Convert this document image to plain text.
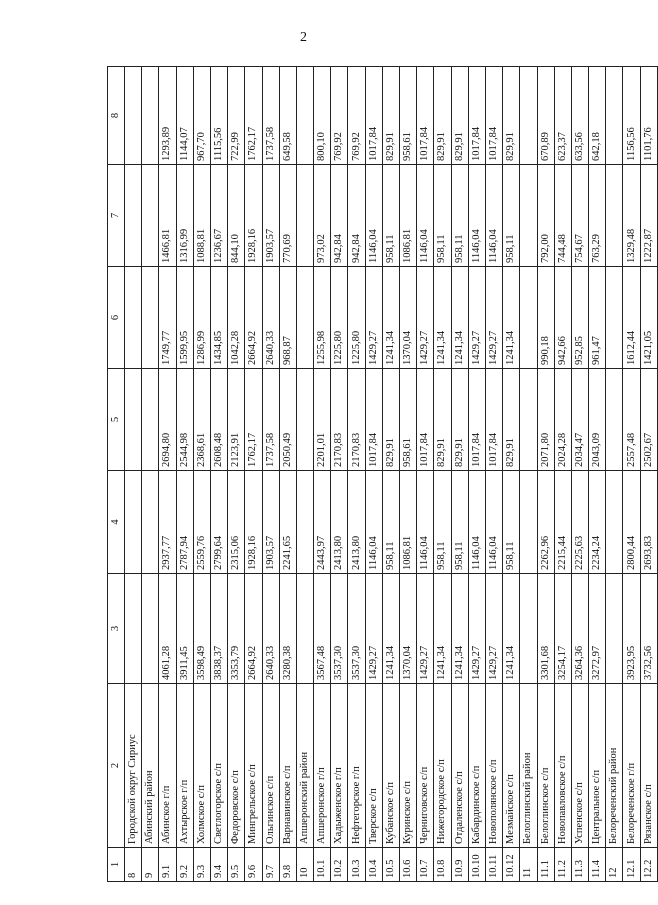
2
1	2	3	4	5	6	7	8
8	Городской округ Сириус						
9	Абинский район						
9.1	Абинское г/п	4061,28	2937,77	2694,80	1749,77	1466,81	1293,89
9.2	Ахтырское г/п	3911,45	2787,94	2544,98	1599,95	1316,99	1144,07
9.3	Холмское с/п	3598,49	2559,76	2368,61	1286,99	1088,81	967,70
9.4	Светлогорское с/п	3838,37	2799,64	2608,48	1434,85	1236,67	1115,56
9.5	Федоровское с/п	3353,79	2315,06	2123,91	1042,28	844,10	722,99
9.6	Мингрельское с/п	2664,92	1928,16	1762,17	2664,92	1928,16	1762,17
9.7	Ольгинское с/п	2640,33	1903,57	1737,58	2640,33	1903,57	1737,58
9.8	Варнавинское с/п	3280,38	2241,65	2050,49	968,87	770,69	649,58
10	Апшеронский район						
10.1	Апшеронское г/п	3567,48	2443,97	2201,01	1255,98	973,02	800,10
10.2	Хадыженское г/п	3537,30	2413,80	2170,83	1225,80	942,84	769,92
10.3	Нефтегорское г/п	3537,30	2413,80	2170,83	1225,80	942,84	769,92
10.4	Тверское с/п	1429,27	1146,04	1017,84	1429,27	1146,04	1017,84
10.5	Кубанское с/п	1241,34	958,11	829,91	1241,34	958,11	829,91
10.6	Куринское с/п	1370,04	1086,81	958,61	1370,04	1086,81	958,61
10.7	Черниговское с/п	1429,27	1146,04	1017,84	1429,27	1146,04	1017,84
10.8	Нижегородское с/п	1241,34	958,11	829,91	1241,34	958,11	829,91
10.9	Отдаленское с/п	1241,34	958,11	829,91	1241,34	958,11	829,91
10.10	Кабардинское с/п	1429,27	1146,04	1017,84	1429,27	1146,04	1017,84
10.11	Новополянское с/п	1429,27	1146,04	1017,84	1429,27	1146,04	1017,84
10.12	Мезмайское с/п	1241,34	958,11	829,91	1241,34	958,11	829,91
11	Белоглинский район						
11.1	Белоглинское с/п	3301,68	2262,96	2071,80	990,18	792,00	670,89
11.2	Новопавловское с/п	3254,17	2215,44	2024,28	942,66	744,48	623,37
11.3	Успенское с/п	3264,36	2225,63	2034,47	952,85	754,67	633,56
11.4	Центральное с/п	3272,97	2234,24	2043,09	961,47	763,29	642,18
12	Белореченский район						
12.1	Белореченское г/п	3923,95	2800,44	2557,48	1612,44	1329,48	1156,56
12.2	Рязанское с/п	3732,56	2693,83	2502,67	1421,05	1222,87	1101,76
